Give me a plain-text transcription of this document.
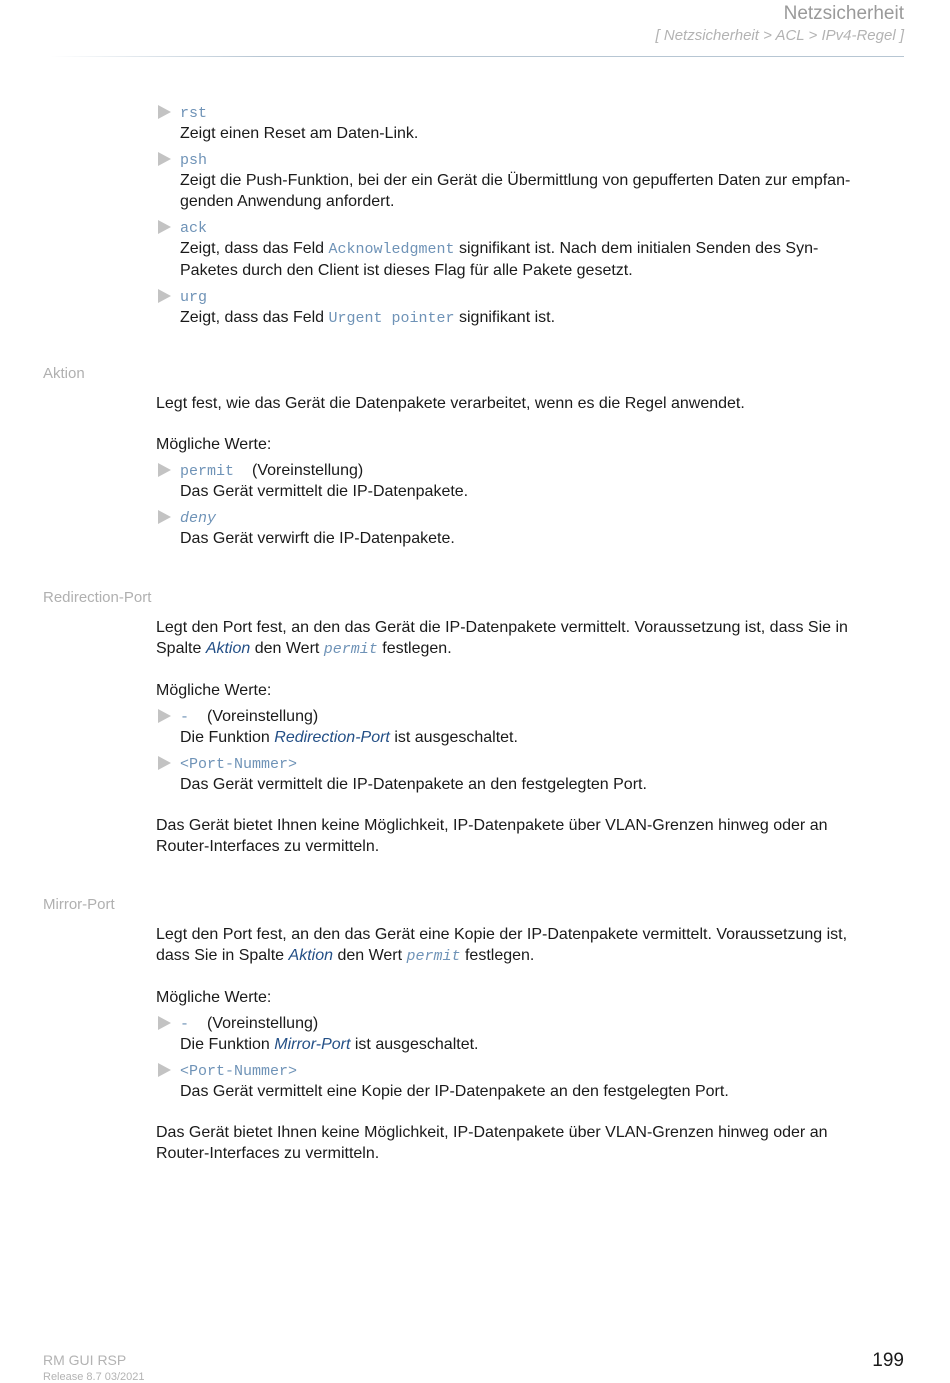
Netzsicherheit
[ Netzsicherheit > ACL > IPv4-Regel ]
rst
Zeigt einen Reset am Daten-Link.
psh
Zeigt die Push-Funktion, bei der ein Gerät die Übermittlung von gepufferten Daten zur empfan-
genden Anwendung anfordert.
ack
Zeigt, dass das Feld Acknowledgment signifikant ist. Nach dem initialen Senden des Syn-
Paketes durch den Client ist dieses Flag für alle Pakete gesetzt.
urg
Zeigt, dass das Feld Urgent pointer signifikant ist.
Aktion

Legt fest, wie das Gerät die Datenpakete verarbeitet, wenn es die Regel anwendet.

Mögliche Werte:

permit (Voreinstellung)
Das Gerät vermittelt die IP-Datenpakete.
deny
Das Gerät verwirft die IP-Datenpakete.
Redirection-Port

Legt den Port fest, an den das Gerät die IP-Datenpakete vermittelt. Voraussetzung ist, dass Sie in

Spalte Aktion den Wert permit festlegen.

Mögliche Werte:

- (Voreinstellung)
Die Funktion Redirection-Port ist ausgeschaltet.
<Port-Nummer>
Das Gerät vermittelt die IP-Datenpakete an den festgelegten Port.

Das Gerät bietet Ihnen keine Möglichkeit, IP-Datenpakete über VLAN-Grenzen hinweg oder an

Router-Interfaces zu vermitteln.

Mirror-Port

Legt den Port fest, an den das Gerät eine Kopie der IP-Datenpakete vermittelt. Voraussetzung ist,

dass Sie in Spalte Aktion den Wert permit festlegen.

Mögliche Werte:

- (Voreinstellung)
Die Funktion Mirror-Port ist ausgeschaltet.
<Port-Nummer>
Das Gerät vermittelt eine Kopie der IP-Datenpakete an den festgelegten Port.

Das Gerät bietet Ihnen keine Möglichkeit, IP-Datenpakete über VLAN-Grenzen hinweg oder an

Router-Interfaces zu vermitteln.

RM GUI RSP
Release 8.7 03/2021
199
